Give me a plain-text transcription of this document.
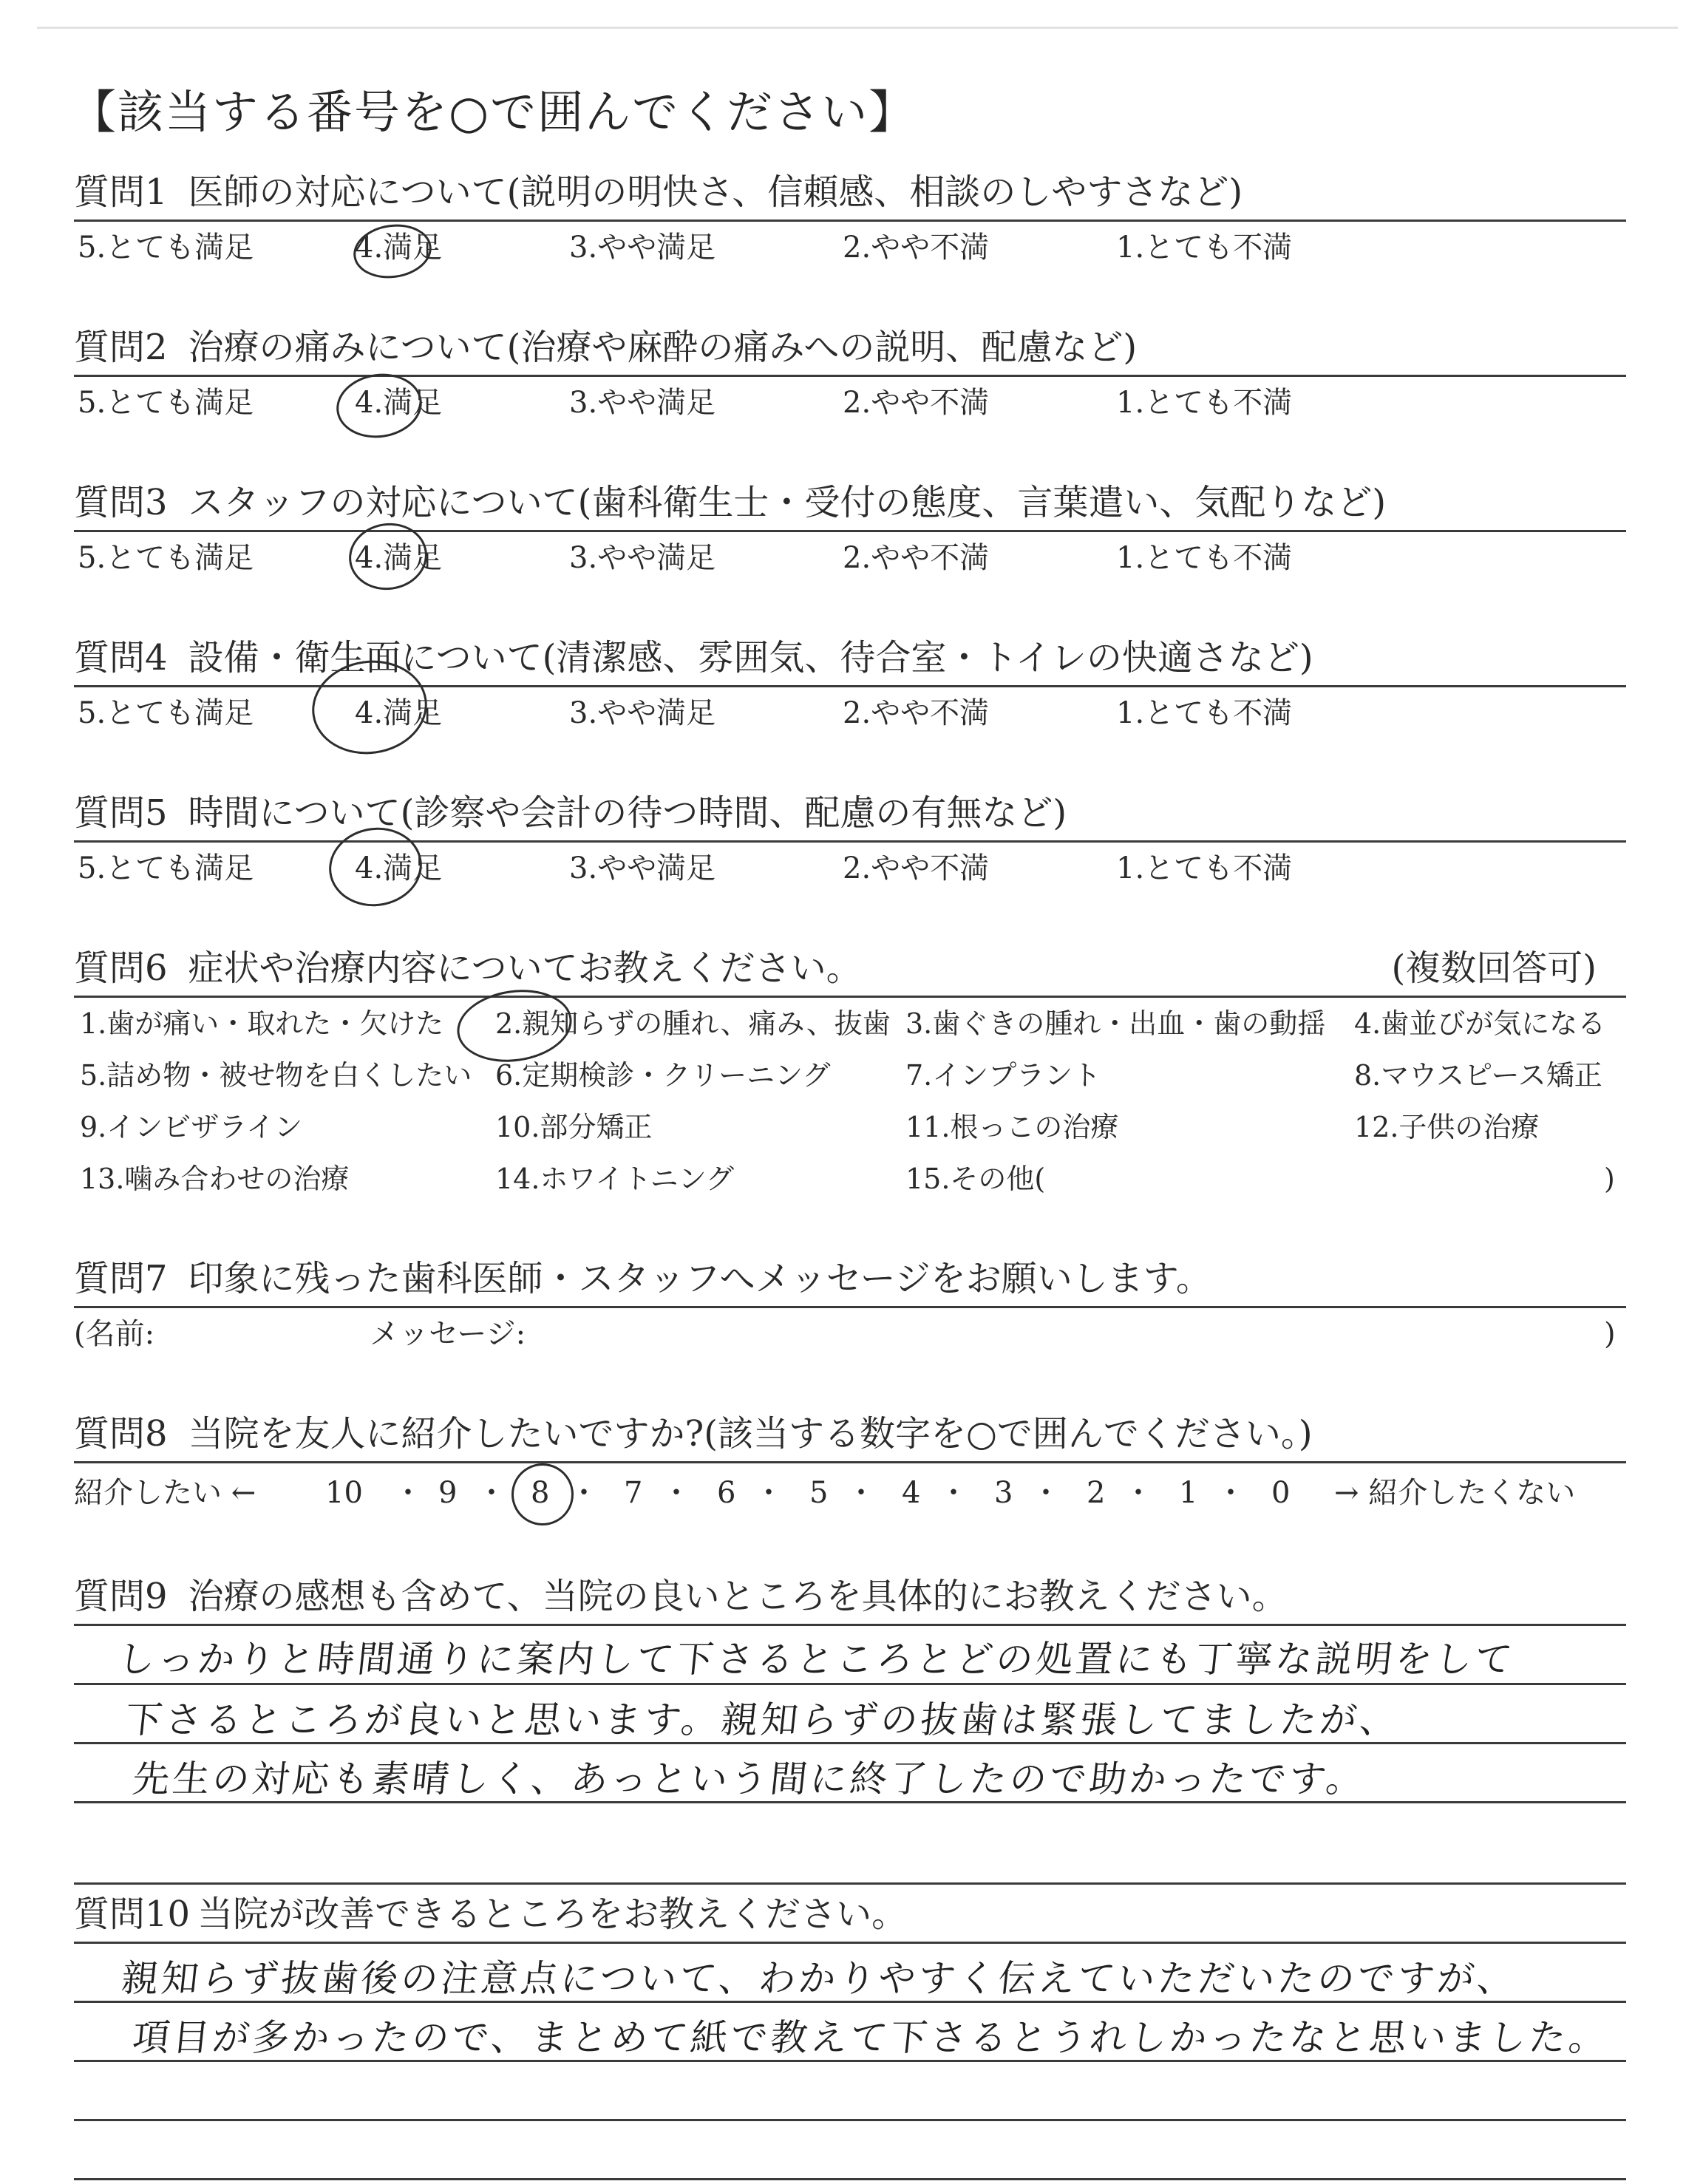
【該当する番号を○で囲んでください】
質問1 医師の対応について(説明の明快さ、信頼感、相談のしやすさなど)
5.とても満足	4.満足	3.やや満足	2.やや不満	1.とても不満
質問2 治療の痛みについて(治療や麻酔の痛みへの説明、配慮など)
5.とても満足	4.満足	3.やや満足	2.やや不満	1.とても不満
質問3 スタッフの対応について(歯科衛生士・受付の態度、言葉遣い、気配りなど)
5.とても満足	4.満足	3.やや満足	2.やや不満	1.とても不満
質問4 設備・衛生面について(清潔感、雰囲気、待合室・トイレの快適さなど)
5.とても満足	4.満足	3.やや満足	2.やや不満	1.とても不満
質問5 時間について(診察や会計の待つ時間、配慮の有無など)
5.とても満足	4.満足	3.やや満足	2.やや不満	1.とても不満
質問6 症状や治療内容についてお教えください。	(複数回答可)
1.歯が痛い・取れた・欠けた 2.親知らずの腫れ、痛み、抜歯 3.歯ぐきの腫れ・出血・歯の動揺 4.歯並びが気になる
5.詰め物・被せ物を白くしたい 6.定期検診・クリーニング	7.インプラント	8.マウスピース矯正
9.インビザライン	10.部分矯正	11.根っこの治療	12.子供の治療
13.噛み合わせの治療	14.ホワイトニング	15.その他(	)
質問7 印象に残った歯科医師・スタッフへメッセージをお願いします。
(名前:	メッセージ:	)
質問8 当院を友人に紹介したいですか?(該当する数字を○で囲んでください。)
紹介したい ← 10 ・ 9 ・ 8 ・ 7 ・ 6 ・ 5 ・ 4 ・ 3 ・ 2 ・ 1 ・ 0 → 紹介したくない
質問9 治療の感想も含めて、当院の良いところを具体的にお教えください。
しっかりと時間通りに案内して下さるところとどの処置にも丁寧な説明をして
下さるところが良いと思います。親知らずの抜歯は緊張してましたが、
先生の対応も素晴しく、あっという間に終了したので助かったです。
質問10 当院が改善できるところをお教えください。
親知らず抜歯後の注意点について、わかりやすく伝えていただいたのですが、
項目が多かったので、まとめて紙で教えて下さるとうれしかったなと思いました。
